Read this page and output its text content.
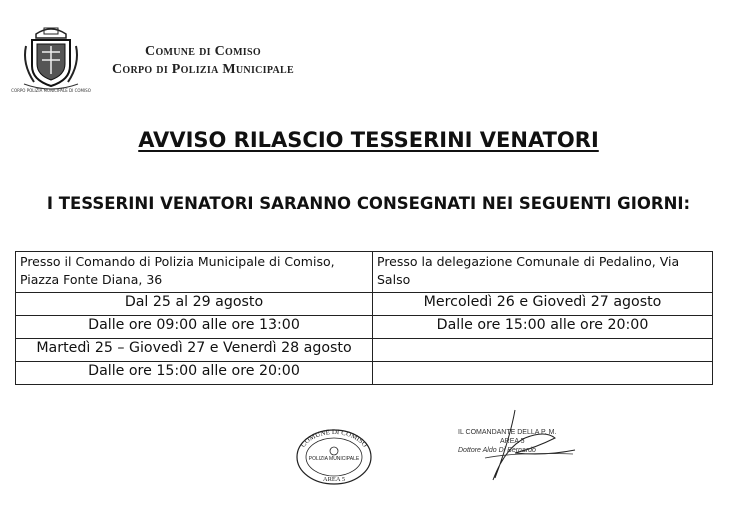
CORPO POLIZIA MUNICIPALE DI COMISO
Comune di Comiso
Corpo di Polizia Municipale
AVVISO RILASCIO TESSERINI VENATORI
I TESSERINI VENATORI SARANNO CONSEGNATI NEI SEGUENTI GIORNI:
Presso il Comando di Polizia Municipale di Comiso, Piazza Fonte Diana, 36	Presso la delegazione Comunale di Pedalino, Via Salso
Dal 25 al 29 agosto	Mercoledì 26 e Giovedì 27 agosto
Dalle ore 09:00 alle ore 13:00	Dalle ore 15:00 alle ore 20:00
Martedì 25 – Giovedì 27 e Venerdì 28 agosto	
Dalle ore 15:00 alle ore 20:00	
COMUNE DI COMISO
POLIZIA MUNICIPALE
AREA 5
IL COMANDANTE DELLA P. M.
AREA 5
Dottore Aldo Di Bernardo
